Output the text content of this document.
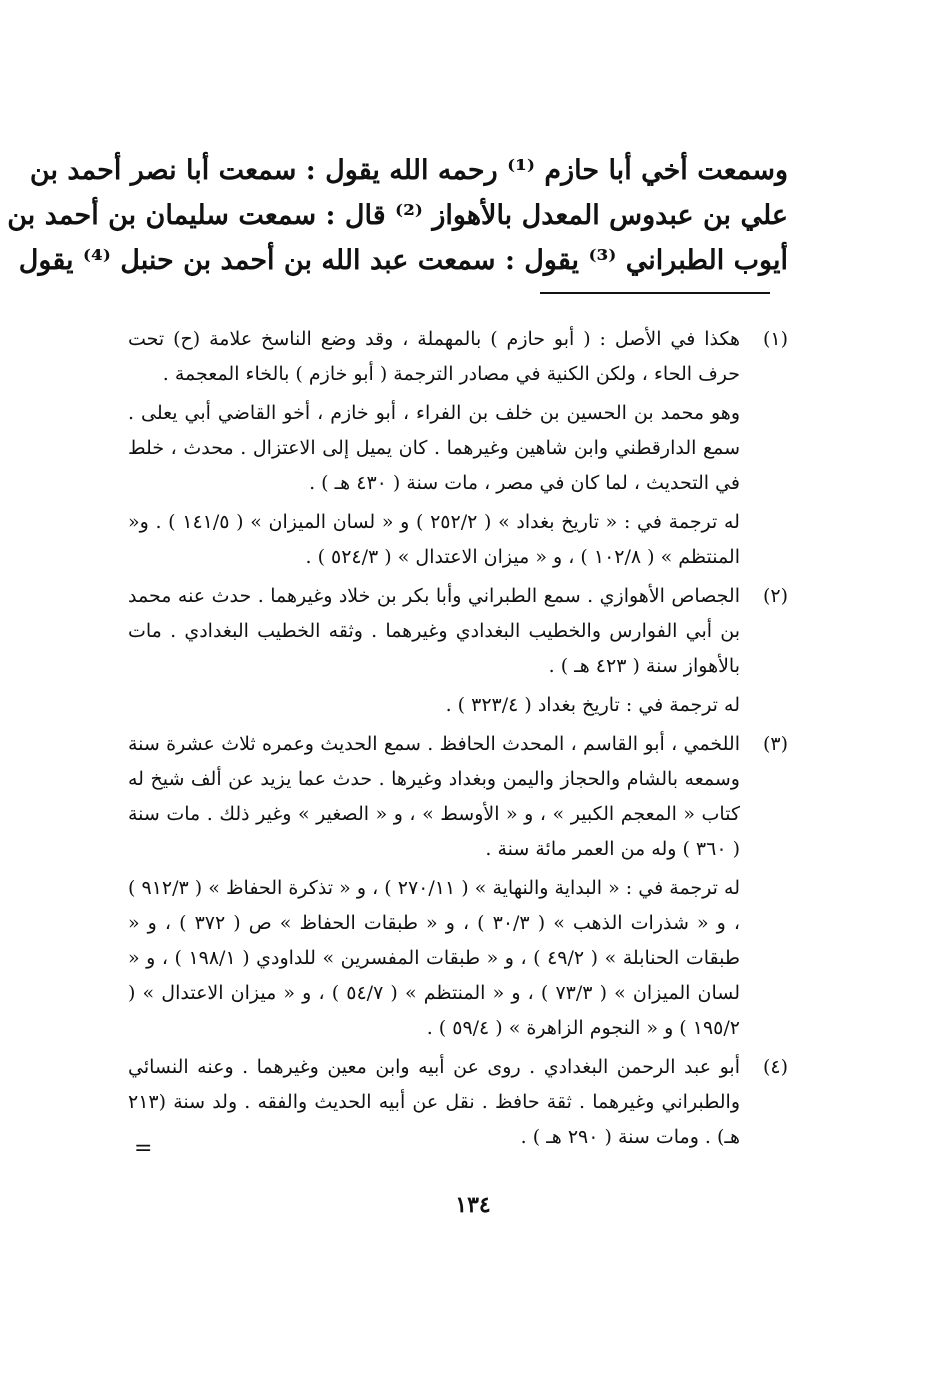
وسمعت أخي أبا حازم ⁽¹⁾ رحمه الله يقول : سمعت أبا نصر أحمد بن
علي بن عبدوس المعدل بالأهواز ⁽²⁾ قال : سمعت سليمان بن أحمد بن
أيوب الطبراني ⁽³⁾ يقول : سمعت عبد الله بن أحمد بن حنبل ⁽⁴⁾ يقول
(١)

هكذا في الأصل : ( أبو حازم ) بالمهملة ، وقد وضع الناسخ علامة (ح) تحت حرف الحاء ، ولكن الكنية في مصادر الترجمة ( أبو خازم ) بالخاء المعجمة .

وهو محمد بن الحسين بن خلف بن الفراء ، أبو خازم ، أخو القاضي أبي يعلى . سمع الدارقطني وابن شاهين وغيرهما . كان يميل إلى الاعتزال . محدث ، خلط في التحديث ، لما كان في مصر ، مات سنة ( ٤٣٠ هـ ) .

له ترجمة في : « تاريخ بغداد » ( ٢٥٢/٢ ) و « لسان الميزان » ( ١٤١/٥ ) . و« المنتظم » ( ١٠٢/٨ ) ، و « ميزان الاعتدال » ( ٥٢٤/٣ ) .

(٢)

الجصاص الأهوازي . سمع الطبراني وأبا بكر بن خلاد وغيرهما . حدث عنه محمد بن أبي الفوارس والخطيب البغدادي وغيرهما . وثقه الخطيب البغدادي . مات بالأهواز سنة ( ٤٢٣ هـ ) .

له ترجمة في : تاريخ بغداد ( ٣٢٣/٤ ) .

(٣)

اللخمي ، أبو القاسم ، المحدث الحافظ . سمع الحديث وعمره ثلاث عشرة سنة وسمعه بالشام والحجاز واليمن وبغداد وغيرها . حدث عما يزيد عن ألف شيخ له كتاب « المعجم الكبير » ، و « الأوسط » ، و « الصغير » وغير ذلك . مات سنة ( ٣٦٠ ) وله من العمر مائة سنة .

له ترجمة في : « البداية والنهاية » ( ٢٧٠/١١ ) ، و « تذكرة الحفاظ » ( ٩١٢/٣ ) ، و « شذرات الذهب » ( ٣٠/٣ ) ، و « طبقات الحفاظ » ص ( ٣٧٢ ) ، و « طبقات الحنابلة » ( ٤٩/٢ ) ، و « طبقات المفسرين » للداودي ( ١٩٨/١ ) ، و « لسان الميزان » ( ٧٣/٣ ) ، و « المنتظم » ( ٥٤/٧ ) ، و « ميزان الاعتدال » ( ١٩٥/٢ ) و « النجوم الزاهرة » ( ٥٩/٤ ) .

(٤)

أبو عبد الرحمن البغدادي . روى عن أبيه وابن معين وغيرهما . وعنه النسائي والطبراني وغيرهما . ثقة حافظ . نقل عن أبيه الحديث والفقه . ولد سنة (٢١٣ هـ) . ومات سنة ( ٢٩٠ هـ ) .

=
١٣٤
